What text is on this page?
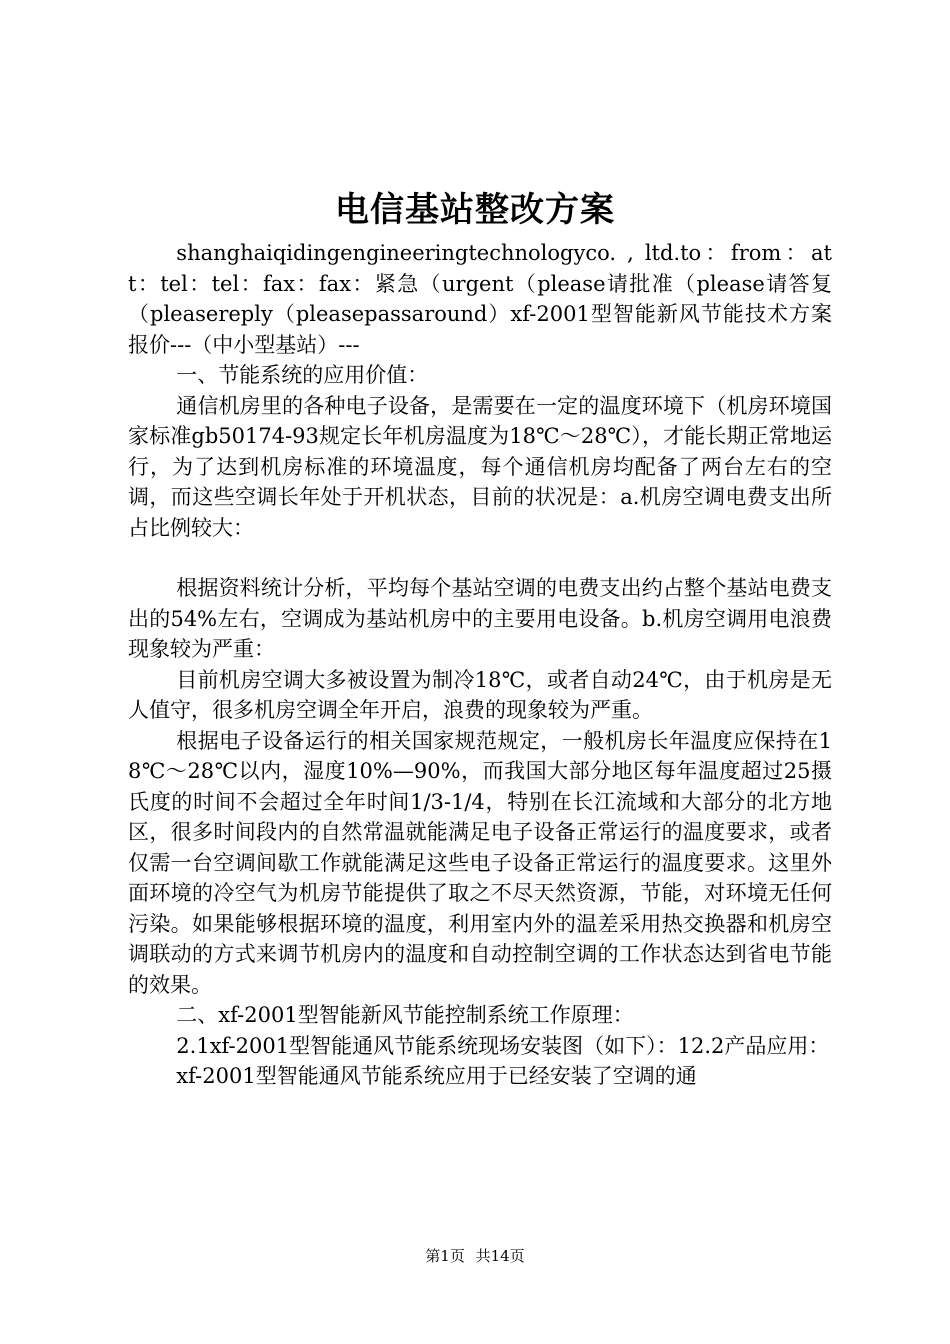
电信基站整改方案

shanghaiqidingengineeringtechnologyco. , ltd.to：from：att：tel：tel：fax：fax：紧急（urgent（please请批准（please请答复（pleasereply（pleasepassaround）xf-2001型智能新风节能技术方案报价---（中小型基站）---

一、节能系统的应用价值：

通信机房里的各种电子设备，是需要在一定的温度环境下（机房环境国家标准gb50174-93规定长年机房温度为18℃～28℃），才能长期正常地运行，为了达到机房标准的环境温度，每个通信机房均配备了两台左右的空调，而这些空调长年处于开机状态，目前的状况是：a.机房空调电费支出所占比例较大：

根据资料统计分析，平均每个基站空调的电费支出约占整个基站电费支出的54%左右，空调成为基站机房中的主要用电设备。b.机房空调用电浪费现象较为严重：

目前机房空调大多被设置为制冷18℃，或者自动24℃，由于机房是无人值守，很多机房空调全年开启，浪费的现象较为严重。

根据电子设备运行的相关国家规范规定，一般机房长年温度应保持在18℃～28℃以内，湿度10%—90%，而我国大部分地区每年温度超过25摄氏度的时间不会超过全年时间1/3-1/4，特别在长江流域和大部分的北方地区，很多时间段内的自然常温就能满足电子设备正常运行的温度要求，或者仅需一台空调间歇工作就能满足这些电子设备正常运行的温度要求。这里外面环境的冷空气为机房节能提供了取之不尽天然资源，节能，对环境无任何污染。如果能够根据环境的温度，利用室内外的温差采用热交换器和机房空调联动的方式来调节机房内的温度和自动控制空调的工作状态达到省电节能的效果。

二、xf-2001型智能新风节能控制系统工作原理：

2.1xf-2001型智能通风节能系统现场安装图（如下）：12.2产品应用：

xf-2001型智能通风节能系统应用于已经安装了空调的通

第1页 共14页
